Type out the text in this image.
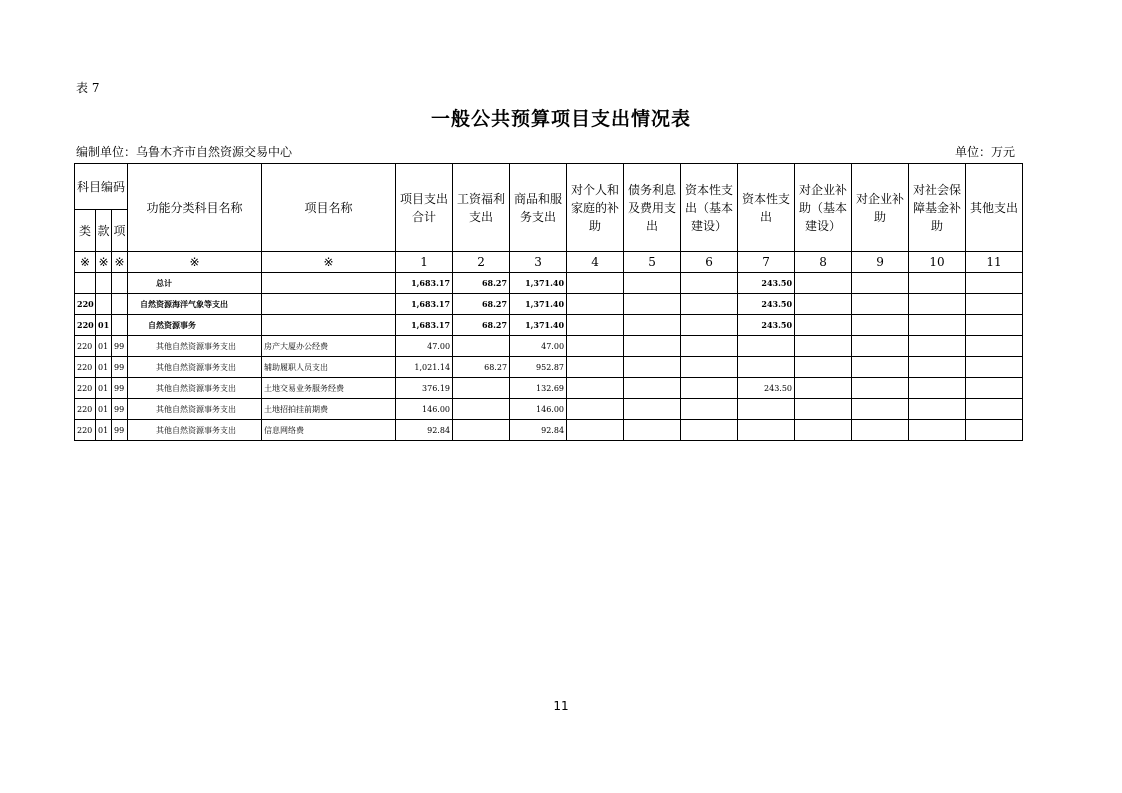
表 7
一般公共预算项目支出情况表
编制单位：乌鲁木齐市自然资源交易中心	单位：万元
科目编码			功能分类科目名称	项目名称	项目支出合计	工资福利支出	商品和服务支出	对个人和家庭的补助	债务利息及费用支出	资本性支出（基本建设）	资本性支出	对企业补助（基本建设）	对企业补助	对社会保障基金补助	其他支出
类	款	项													
※	※	※	※	※	1	2	3	4	5	6	7	8	9	10	11
			总计		1,683.17	68.27	1,371.40				243.50				
220			自然资源海洋气象等支出		1,683.17	68.27	1,371.40				243.50				
220	01		自然资源事务		1,683.17	68.27	1,371.40				243.50				
220	01	99	其他自然资源事务支出	房产大厦办公经费	47.00		47.00								
220	01	99	其他自然资源事务支出	辅助履职人员支出	1,021.14	68.27	952.87								
220	01	99	其他自然资源事务支出	土地交易业务服务经费	376.19		132.69				243.50				
220	01	99	其他自然资源事务支出	土地招拍挂前期费	146.00		146.00								
220	01	99	其他自然资源事务支出	信息网络费	92.84		92.84								
11
